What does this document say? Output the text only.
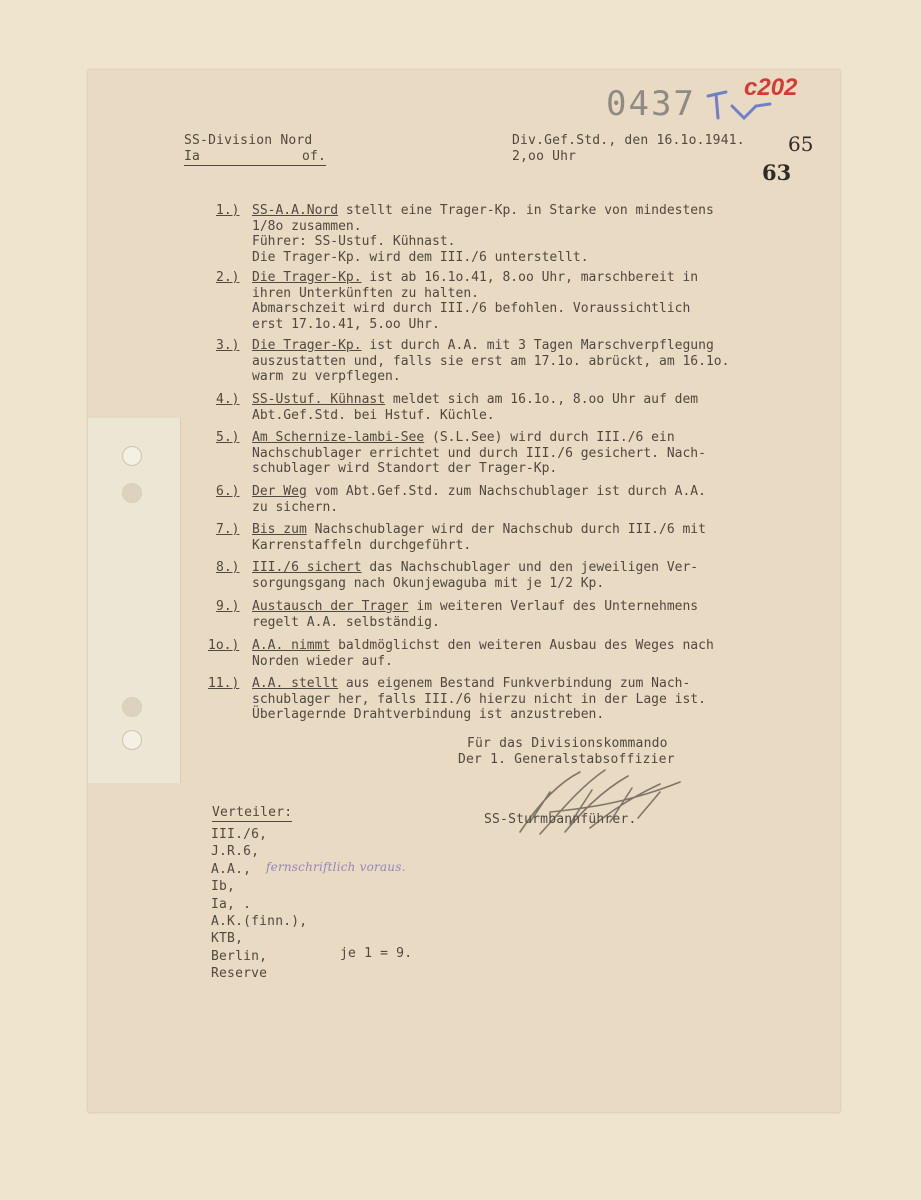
0437 c202
65
63
SS-Division Nord
Ia	of.
Div.Gef.Std., den 16.1o.1941.
2,oo Uhr
1.) SS-A.A.Nord stellt eine Trager-Kp. in Starke von mindestens
1/8o zusammen.
Führer: SS-Ustuf. Kühnast.
Die Trager-Kp. wird dem III./6 unterstellt.
2.) Die Trager-Kp. ist ab 16.1o.41, 8.oo Uhr, marschbereit in
ihren Unterkünften zu halten.
Abmarschzeit wird durch III./6 befohlen. Voraussichtlich
erst 17.1o.41, 5.oo Uhr.
3.) Die Trager-Kp. ist durch A.A. mit 3 Tagen Marschverpflegung
auszustatten und, falls sie erst am 17.1o. abrückt, am 16.1o.
warm zu verpflegen.
4.) SS-Ustuf. Kühnast meldet sich am 16.1o., 8.oo Uhr auf dem
Abt.Gef.Std. bei Hstuf. Küchle.
5.) Am Schernize-lambi-See (S.L.See) wird durch III./6 ein
Nachschublager errichtet und durch III./6 gesichert. Nach-
schublager wird Standort der Trager-Kp.
6.) Der Weg vom Abt.Gef.Std. zum Nachschublager ist durch A.A.
zu sichern.
7.) Bis zum Nachschublager wird der Nachschub durch III./6 mit
Karrenstaffeln durchgeführt.
8.) III./6 sichert das Nachschublager und den jeweiligen Ver-
sorgungsgang nach Okunjewaguba mit je 1/2 Kp.
9.) Austausch der Trager im weiteren Verlauf des Unternehmens
regelt A.A. selbständig.
1o.) A.A. nimmt baldmöglichst den weiteren Ausbau des Weges nach
Norden wieder auf.
11.) A.A. stellt aus eigenem Bestand Funkverbindung zum Nach-
schublager her, falls III./6 hierzu nicht in der Lage ist.
Überlagernde Drahtverbindung ist anzustreben.
Für das Divisionskommando
Der 1. Generalstabsoffizier
SS-Sturmbannführer.
Verteiler:
III./6,
J.R.6,
A.A.,
Ib,
Ia, .
A.K.(finn.),
KTB,
Berlin,
Reserve
fernschriftlich voraus.
je 1 = 9.
